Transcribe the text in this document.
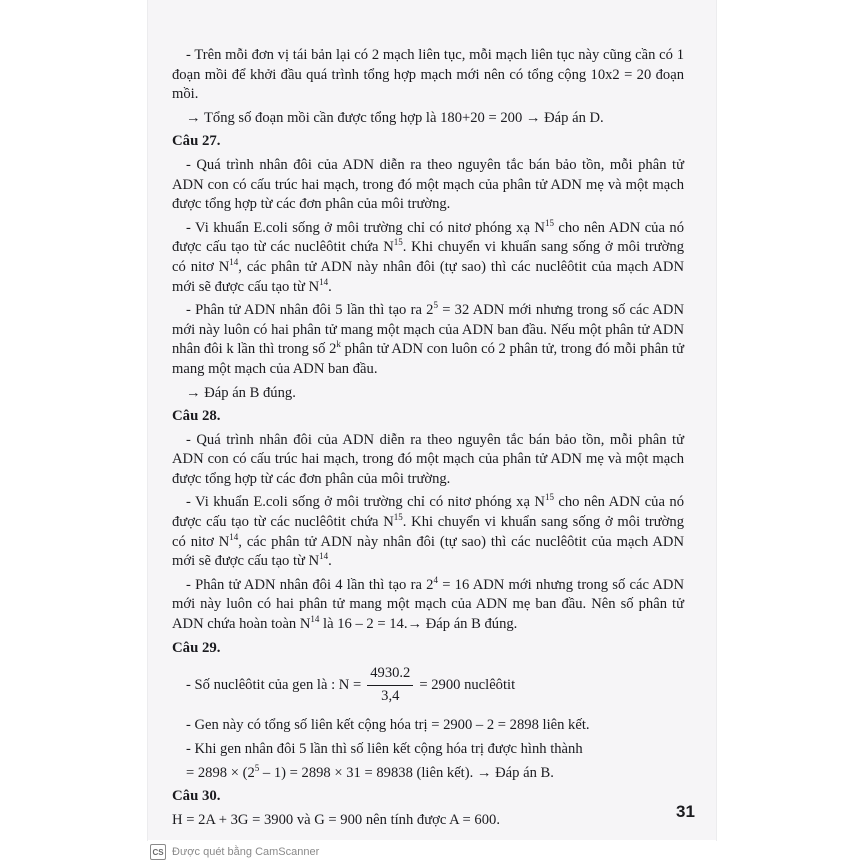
- Trên mỗi đơn vị tái bản lại có 2 mạch liên tục, mỗi mạch liên tục này cũng cần có 1 đoạn mồi để khởi đầu quá trình tổng hợp mạch mới nên có tổng cộng 10x2 = 20 đoạn mồi.

→ Tổng số đoạn mồi cần được tổng hợp là 180+20 = 200 → Đáp án D.

Câu 27.

- Quá trình nhân đôi của ADN diễn ra theo nguyên tắc bán bảo tồn, mỗi phân tử ADN con có cấu trúc hai mạch, trong đó một mạch của phân tử ADN mẹ và một mạch được tổng hợp từ các đơn phân của môi trường.

- Vi khuẩn E.coli sống ở môi trường chỉ có nitơ phóng xạ $N^{15}$ cho nên ADN của nó được cấu tạo từ các nuclêôtit chứa $N^{15}$. Khi chuyển vi khuẩn sang sống ở môi trường có nitơ $N^{14}$, các phân tử ADN này nhân đôi (tự sao) thì các nuclêôtit của mạch ADN mới sẽ được cấu tạo từ $N^{14}$.

- Phân tử ADN nhân đôi 5 lần thì tạo ra $2^5 = 32$ ADN mới nhưng trong số các ADN mới này luôn có hai phân tử mang một mạch của ADN ban đầu. Nếu một phân tử ADN nhân đôi k lần thì trong số 2$^k$ phân tử ADN con luôn có 2 phân tử, trong đó mỗi phân tử mang một mạch của ADN ban đầu.

→ Đáp án B đúng.

Câu 28.

- Quá trình nhân đôi của ADN diễn ra theo nguyên tắc bán bảo tồn, mỗi phân tử ADN con có cấu trúc hai mạch, trong đó một mạch của phân tử ADN mẹ và một mạch được tổng hợp từ các đơn phân của môi trường.

- Vi khuẩn E.coli sống ở môi trường chỉ có nitơ phóng xạ $N^{15}$ cho nên ADN của nó được cấu tạo từ các nuclêôtit chứa $N^{15}$. Khi chuyển vi khuẩn sang sống ở môi trường có nitơ $N^{14}$, các phân tử ADN này nhân đôi (tự sao) thì các nuclêôtit của mạch ADN mới sẽ được cấu tạo từ $N^{14}$.

- Phân tử ADN nhân đôi 4 lần thì tạo ra $2^4 = 16$ ADN mới nhưng trong số các ADN mới này luôn có hai phân tử mang một mạch của ADN mẹ ban đầu. Nên số phân tử ADN chứa hoàn toàn $N^{14}$ là 16 – 2 = 14.→ Đáp án B đúng.

Câu 29.
- Số nuclêôtit của gen là : $N = \frac{4930.2}{3,4} = 2900$ nuclêôtit

- Gen này có tổng số liên kết cộng hóa trị = 2900 – 2 = 2898 liên kết.

- Khi gen nhân đôi 5 lần thì số liên kết cộng hóa trị được hình thành

= $2898 \times (2^5 - 1) = 2898 \times 31 = 89838$ (liên kết). → Đáp án B.

Câu 30.

H = 2A + 3G = 3900 và G = 900 nên tính được A = 600.	31
CS Được quét bằng CamScanner
